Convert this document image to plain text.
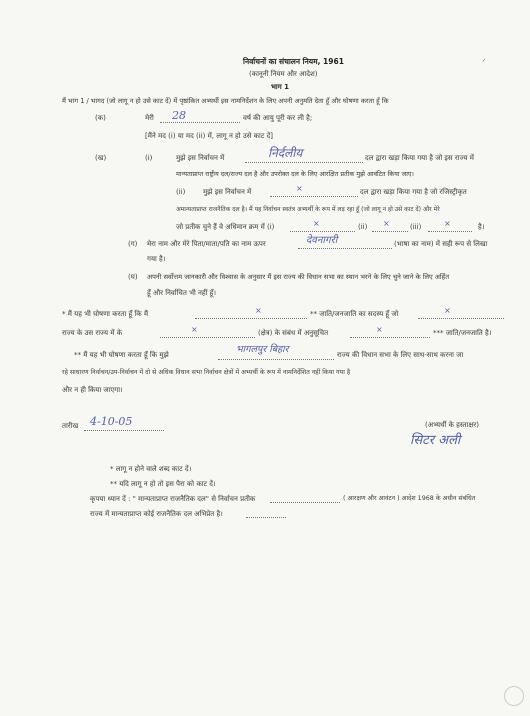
निर्वाचनों का संचालन नियम, 1961
(कानूनी नियम और आदेश)
भाग 1
मैं भाग 1 / भागद (जो लागू न हो उसे काट दें) में पृष्ठांकित अभ्यर्थी इस नामनिर्देशन के लिए अपनी अनुमति देता हूँ और घोषणा करता हूँ कि
(क)	मेरी 28	वर्ष की आयु पूरी कर ली है;
[मैंने मद (i) या मद (ii) में, लागू न हो उसे काट दें]
(ख)	(i)	मुझे इस निर्वाचन में	निर्दलीय	दल द्वारा खड़ा किया गया है जो इस राज्य में
मान्यताप्राप्त राष्ट्रीय दल/राज्य दल है और उपरोक्त दल के लिए आरक्षित प्रतीक मुझे आवंटित किया जाए।
(ii)	मुझे इस निर्वाचन में	×	दल द्वारा खड़ा किया गया है जो रजिस्ट्रीकृत
अमान्यताप्राप्त राजनैतिक दल है। मैं यह निर्वाचन स्वतंत्र अभ्यर्थी के रूप में लड़ रहा हूँ (जो लागू न हो उसे काट दें) और मेरे
जो प्रतीक चुने हैं वे अधिमान क्रम में (i)	×	(ii) ×	(iii)	×	है।
(ग) मेरा नाम और मेरे पिता/माता/पति का नाम ऊपर	देवनागरी	(भाषा का नाम) में सही रूप से लिखा
गया है।
(घ) अपनी सर्वोत्तम जानकारी और विश्वास के अनुसार मैं इस राज्य की विधान सभा का स्थान भरने के लिए चुने जाने के लिए अर्हित
हूँ और निर्वाचित भी नहीं हूँ।
* मैं यह भी घोषणा करता हूँ कि मैं	×	** जाति/जनजाति का सदस्य हूँ जो	×
राज्य के उस राज्य में के	×	(क्षेत्र) के संबंध में अनुसूचित	×	*** जाति/जनजाति है।
** मैं यह भी घोषणा करता हूँ कि मुझे	भागलपुर बिहार	राज्य की विधान सभा के लिए साथ-साथ करना जा
रहे साधारण निर्वाचन/उप-निर्वाचन में दो से अधिक विधान सभा निर्वाचन क्षेत्रों में अभ्यर्थी के रूप में नामनिर्देशित नहीं किया गया है
और न ही किया जाएगा।
तारीख 4-10-05	(अभ्यर्थी के हस्ताक्षर)
सिटर अली
* लागू न होने वाले शब्द काट दें।
** यदि लागू न हो तो इस पैरा को काट दें।
कृपया ध्यान दें : " मान्यताप्राप्त राजनैतिक दल" से निर्वाचन प्रतीक	( आरक्षण और आवंटन ) आदेश 1968 के अधीन संबंधित
राज्य में मान्यताप्राप्त कोई राजनैतिक दल अभिप्रेत है।
ᐟ
